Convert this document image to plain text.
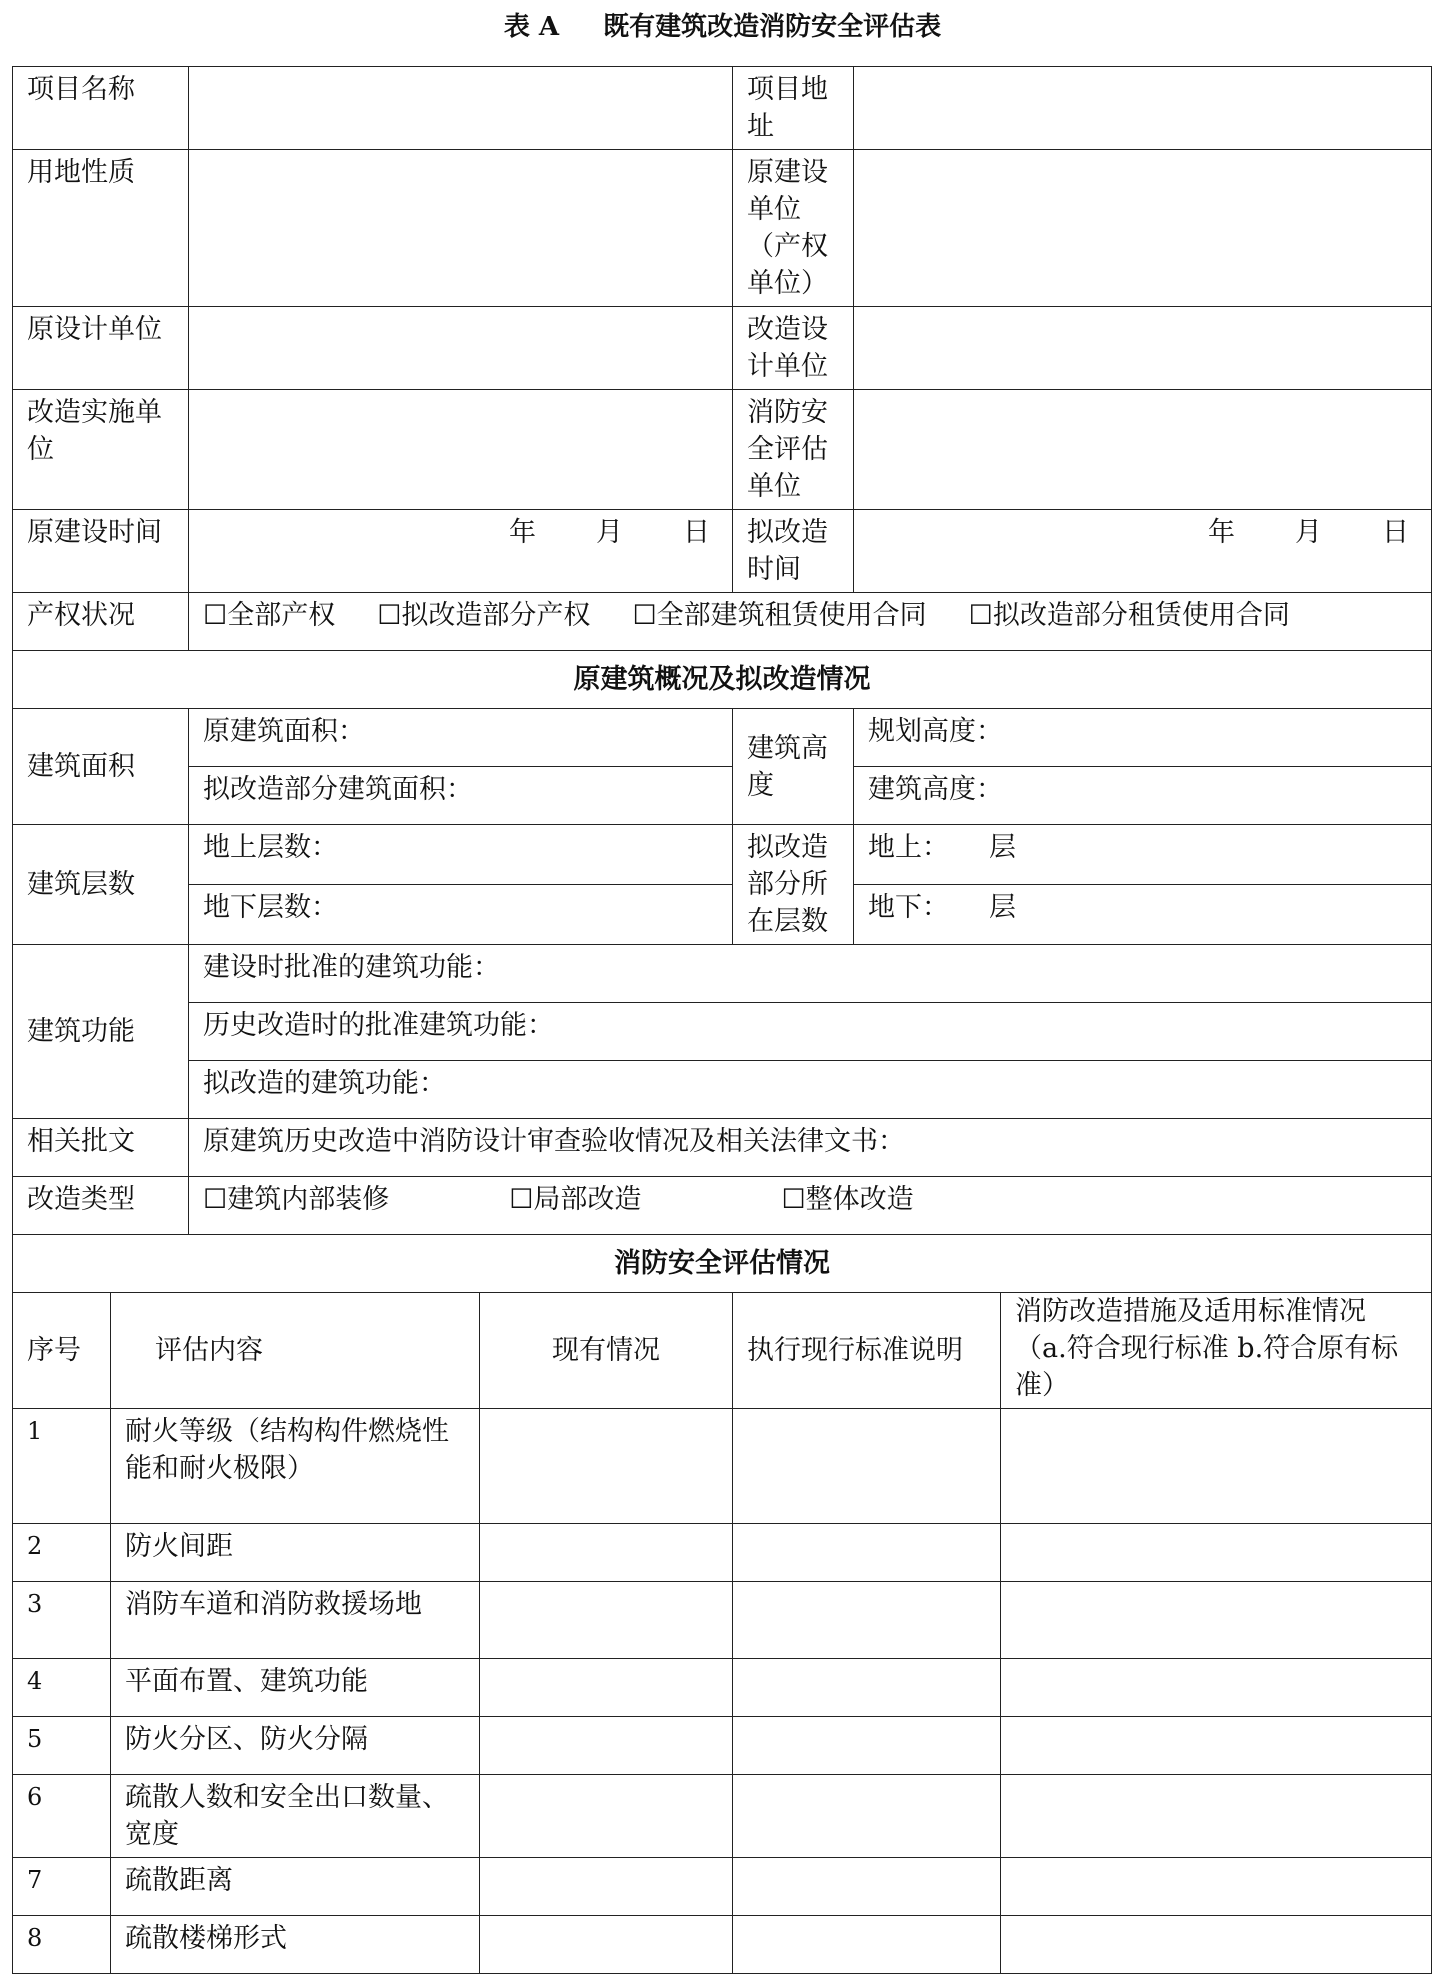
表 A 既有建筑改造消防安全评估表
项目名称				项目地址		
用地性质				原建设单位（产权单位）		
原设计单位				改造设计单位		
改造实施单位				消防安全评估单位		
原建设时间		年 月 日		拟改造时间	年 月 日	

产权状况		☐全部产权 ☐拟改造部分产权 ☐全部建筑租赁使用合同 ☐拟改造部分租赁使用合同				
原建筑概况及拟改造情况						
建筑面积		原建筑面积：		建筑高度	规划高度：	
		拟改造部分建筑面积：			建筑高度：	
建筑层数		地上层数：		拟改造部分所在层数	地上： 层	
		地下层数：			地下： 层	
建筑功能		建设时批准的建筑功能：				
		历史改造时的批准建筑功能：				
		拟改造的建筑功能：				
相关批文		原建筑历史改造中消防设计审查验收情况及相关法律文书：				
改造类型		☐建筑内部装修 ☐局部改造 ☐整体改造				
消防安全评估情况						
序号	评估内容		现有情况	执行现行标准说明		消防改造措施及适用标准情况（a.符合现行标准 b.符合原有标准）
1	耐火等级（结构构件燃烧性能和耐火极限）					
2	防火间距					
3	消防车道和消防救援场地					
4	平面布置、建筑功能					
5	防火分区、防火分隔					
6	疏散人数和安全出口数量、宽度					
7	疏散距离					
8	疏散楼梯形式					
